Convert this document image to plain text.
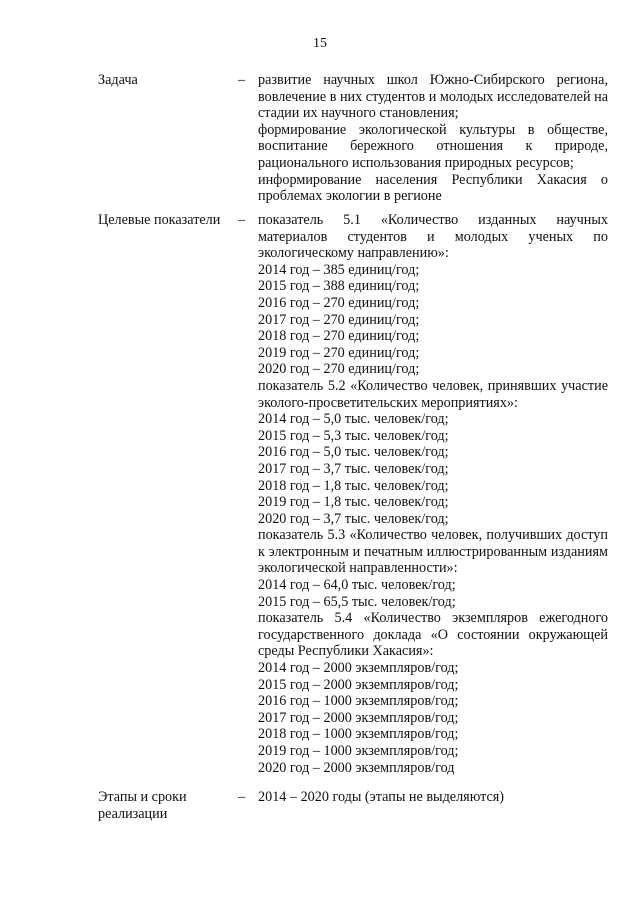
15
Задача	– развитие научных школ Южно-Сибирского региона, вовлечение в них студентов и молодых исследователей на стадии их научного становления;
формирование экологической культуры в обществе, воспитание бережного отношения к природе, рационального использования природных ресурсов;
информирование населения Республики Хакасия о проблемах экологии в регионе
Целевые показатели	– показатель 5.1 «Количество изданных научных материалов студентов и молодых ученых по экологическому направлению»:
2014 год – 385 единиц/год;
2015 год – 388 единиц/год;
2016 год – 270 единиц/год;
2017 год – 270 единиц/год;
2018 год – 270 единиц/год;
2019 год – 270 единиц/год;
2020 год – 270 единиц/год;
показатель 5.2 «Количество человек, принявших участие эколого-просветительских мероприятиях»:
2014 год – 5,0 тыс. человек/год;
2015 год – 5,3 тыс. человек/год;
2016 год – 5,0 тыс. человек/год;
2017 год – 3,7 тыс. человек/год;
2018 год – 1,8 тыс. человек/год;
2019 год – 1,8 тыс. человек/год;
2020 год – 3,7 тыс. человек/год;
показатель 5.3 «Количество человек, получивших доступ к электронным и печатным иллюстрированным изданиям экологической направленности»:
2014 год – 64,0 тыс. человек/год;
2015 год – 65,5 тыс. человек/год;
показатель 5.4 «Количество экземпляров ежегодного государственного доклада «О состоянии окружающей среды Республики Хакасия»:
2014 год – 2000 экземпляров/год;
2015 год – 2000 экземпляров/год;
2016 год – 1000 экземпляров/год;
2017 год – 2000 экземпляров/год;
2018 год – 1000 экземпляров/год;
2019 год – 1000 экземпляров/год;
2020 год – 2000 экземпляров/год
Этапы и сроки реализации
– 2014 – 2020 годы (этапы не выделяются)
